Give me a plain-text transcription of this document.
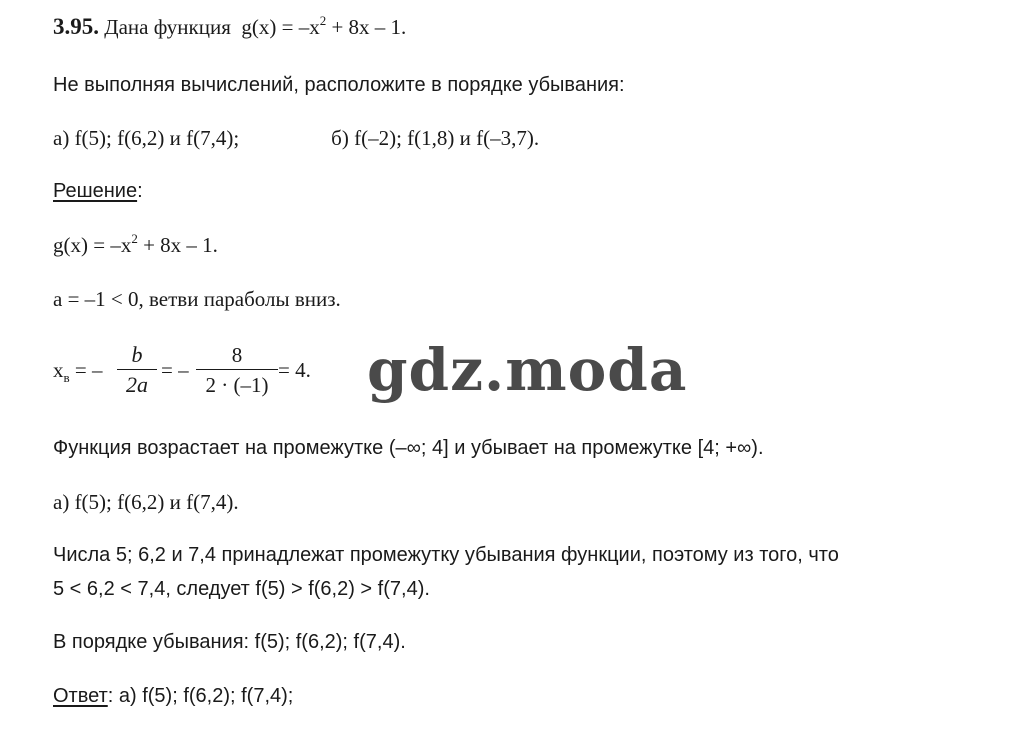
3.95. Дана функция $g(x) = -x^2 + 8x - 1$.
Не выполняя вычислений, расположите в порядке убывания:
а) f(5); f(6,2) и f(7,4);	б) f(–2); f(1,8) и f(–3,7).
Решение:
$g(x) = -x^2 + 8x - 1$.
a = –1 < 0, ветви параболы вниз.
$x_в$ = –
b
2a
= –
8
2 · (–1)
= 4.
Функция возрастает на промежутке (–∞; 4] и убывает на промежутке [4; +∞).
а) f(5); f(6,2) и f(7,4).
Числа 5; 6,2 и 7,4 принадлежат промежутку убывания функции, поэтому из того, что
5 < 6,2 < 7,4, следует f(5) > f(6,2) > f(7,4).
В порядке убывания: f(5); f(6,2); f(7,4).
Ответ: а) f(5); f(6,2); f(7,4);
gdz.moda
